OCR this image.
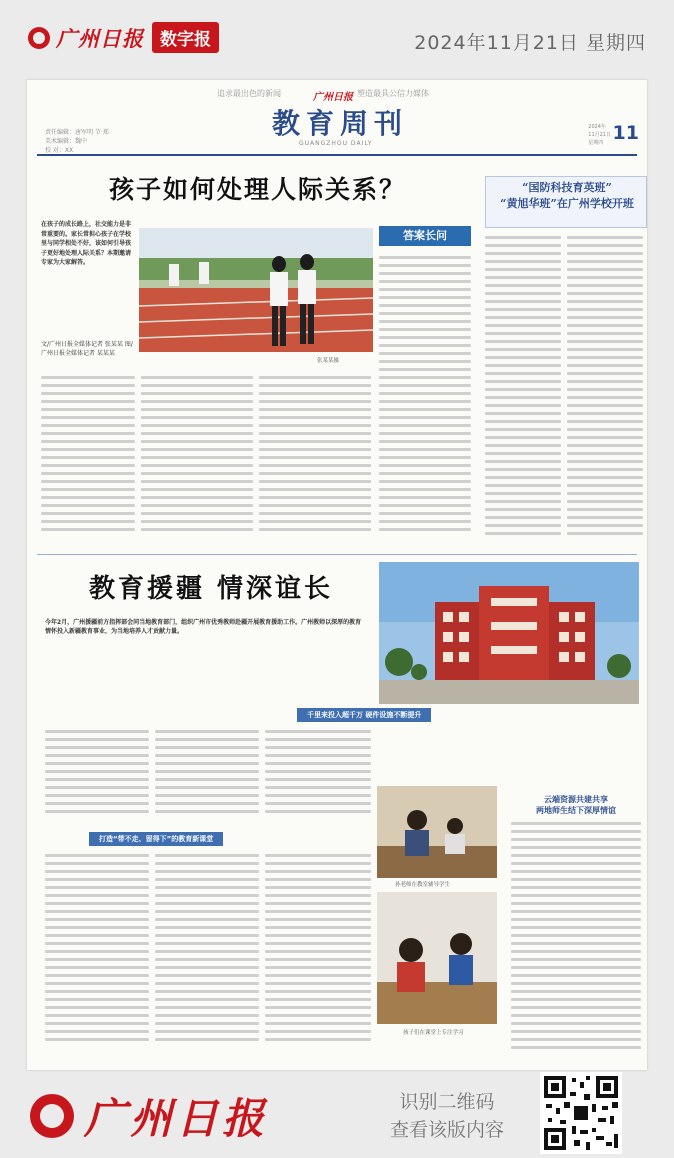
广州日报 数字报	2024年11月21日 星期四
追求最出色的新闻	塑造最具公信力媒体
广州日报
教育周刊
GUANGZHOU DAILY
责任编辑：唐军明 节·郑
美术编辑：魏中
校 对：XX
2024年
11月21日
星期四 11
孩子如何处理人际关系？
在孩子的成长路上，社交能力是非常重要的。家长常担心孩子在学校里与同学相处不好，该如何引导孩子更好地处理人际关系？本期邀请专家为大家解答。
文/广州日报全媒体记者 张某某 图/广州日报全媒体记者 某某某
张某某摄
答案长问
“国防科技育英班”
“黄旭华班”在广州学校开班
教育援疆 情深谊长
今年2月，广州援疆前方指挥部会同当地教育部门，组织广州市优秀教师赴疆开展教育援助工作。广州教师以深厚的教育情怀投入新疆教育事业，为当地培养人才贡献力量。
千里来投入超千万 硬件设施不断提升
打造“带不走、留得下”的教育新课堂
孙老师在教室辅导学生
孩子们在课堂上专注学习
云端资源共建共享
两地师生结下深厚情谊
广州日报	识别二维码
查看该版内容
